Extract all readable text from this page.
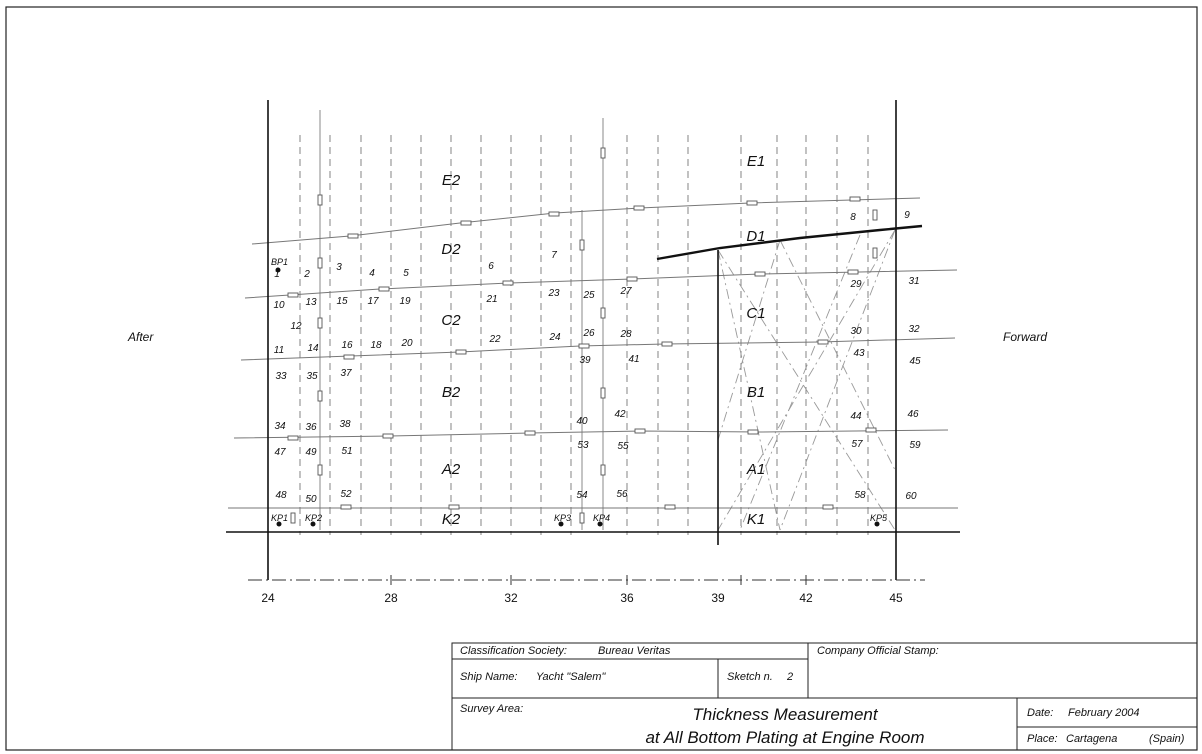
After	Forward
24	28	32	36	39	42	45
E2
E1
D2
D1
C2	C1
B2	B1
A2	A1
K2	K1
BP1
KP1 KP2	KP3 KP4	KP5
1 2
3
4	5
6
7
8	9
10
11
12
13
14
15
16
17
18
19
20
21
22
23
24
25
26
27
28
29
30
31
32
33
34
35
36
37
38
39
40
41
42
43
44
45
46
47
48
49
50
51
52
53
54
55
56
57
58
59
60
Classification Society:	Bureau Veritas	Company Official Stamp:
Ship Name: Yacht "Salem"	Sketch n. 2
Survey Area:	Thickness Measurement
at All Bottom Plating at Engine Room
Date: February 2004
Place: Cartagena	(Spain)
